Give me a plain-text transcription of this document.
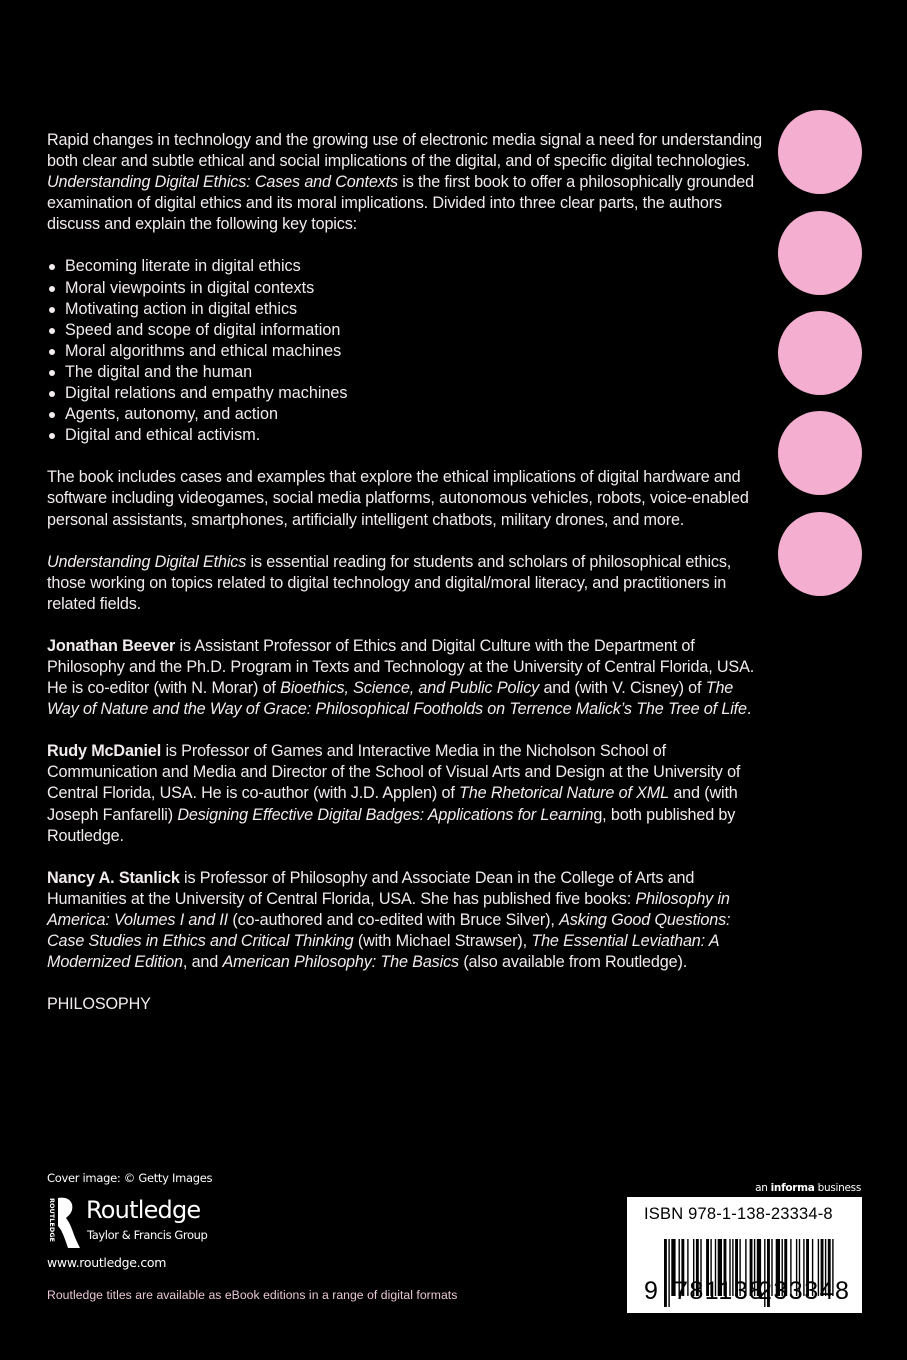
Rapid changes in technology and the growing use of electronic media signal a need for understanding both clear and subtle ethical and social implications of the digital, and of specific digital technologies. Understanding Digital Ethics: Cases and Contexts is the first book to offer a philosophically grounded examination of digital ethics and its moral implications. Divided into three clear parts, the authors discuss and explain the following key topics:

Becoming literate in digital ethics
Moral viewpoints in digital contexts
Motivating action in digital ethics
Speed and scope of digital information
Moral algorithms and ethical machines
The digital and the human
Digital relations and empathy machines
Agents, autonomy, and action
Digital and ethical activism.

The book includes cases and examples that explore the ethical implications of digital hardware and software including videogames, social media platforms, autonomous vehicles, robots, voice-enabled personal assistants, smartphones, artificially intelligent chatbots, military drones, and more.

Understanding Digital Ethics is essential reading for students and scholars of philosophical ethics, those working on topics related to digital technology and digital/moral literacy, and practitioners in related fields.

Jonathan Beever is Assistant Professor of Ethics and Digital Culture with the Department of Philosophy and the Ph.D. Program in Texts and Technology at the University of Central Florida, USA. He is co-editor (with N. Morar) of Bioethics, Science, and Public Policy and (with V. Cisney) of The Way of Nature and the Way of Grace: Philosophical Footholds on Terrence Malick’s The Tree of Life.

Rudy McDaniel is Professor of Games and Interactive Media in the Nicholson School of Communication and Media and Director of the School of Visual Arts and Design at the University of Central Florida, USA. He is co-author (with J.D. Applen) of The Rhetorical Nature of XML and (with Joseph Fanfarelli) Designing Effective Digital Badges: Applications for Learning, both published by Routledge.

Nancy A. Stanlick is Professor of Philosophy and Associate Dean in the College of Arts and Humanities at the University of Central Florida, USA. She has published five books: Philosophy in America: Volumes I and II (co-authored and co-edited with Bruce Silver), Asking Good Questions: Case Studies in Ethics and Critical Thinking (with Michael Strawser), The Essential Leviathan: A Modernized Edition, and American Philosophy: The Basics (also available from Routledge).

PHILOSOPHY

Cover image: © Getty Images
ROUTLEDGE Routledge
Taylor & Francis Group
www.routledge.com
Routledge titles are available as eBook editions in a range of digital formats
an informa business
ISBN 978-1-138-23334-8
9 781138
233348
